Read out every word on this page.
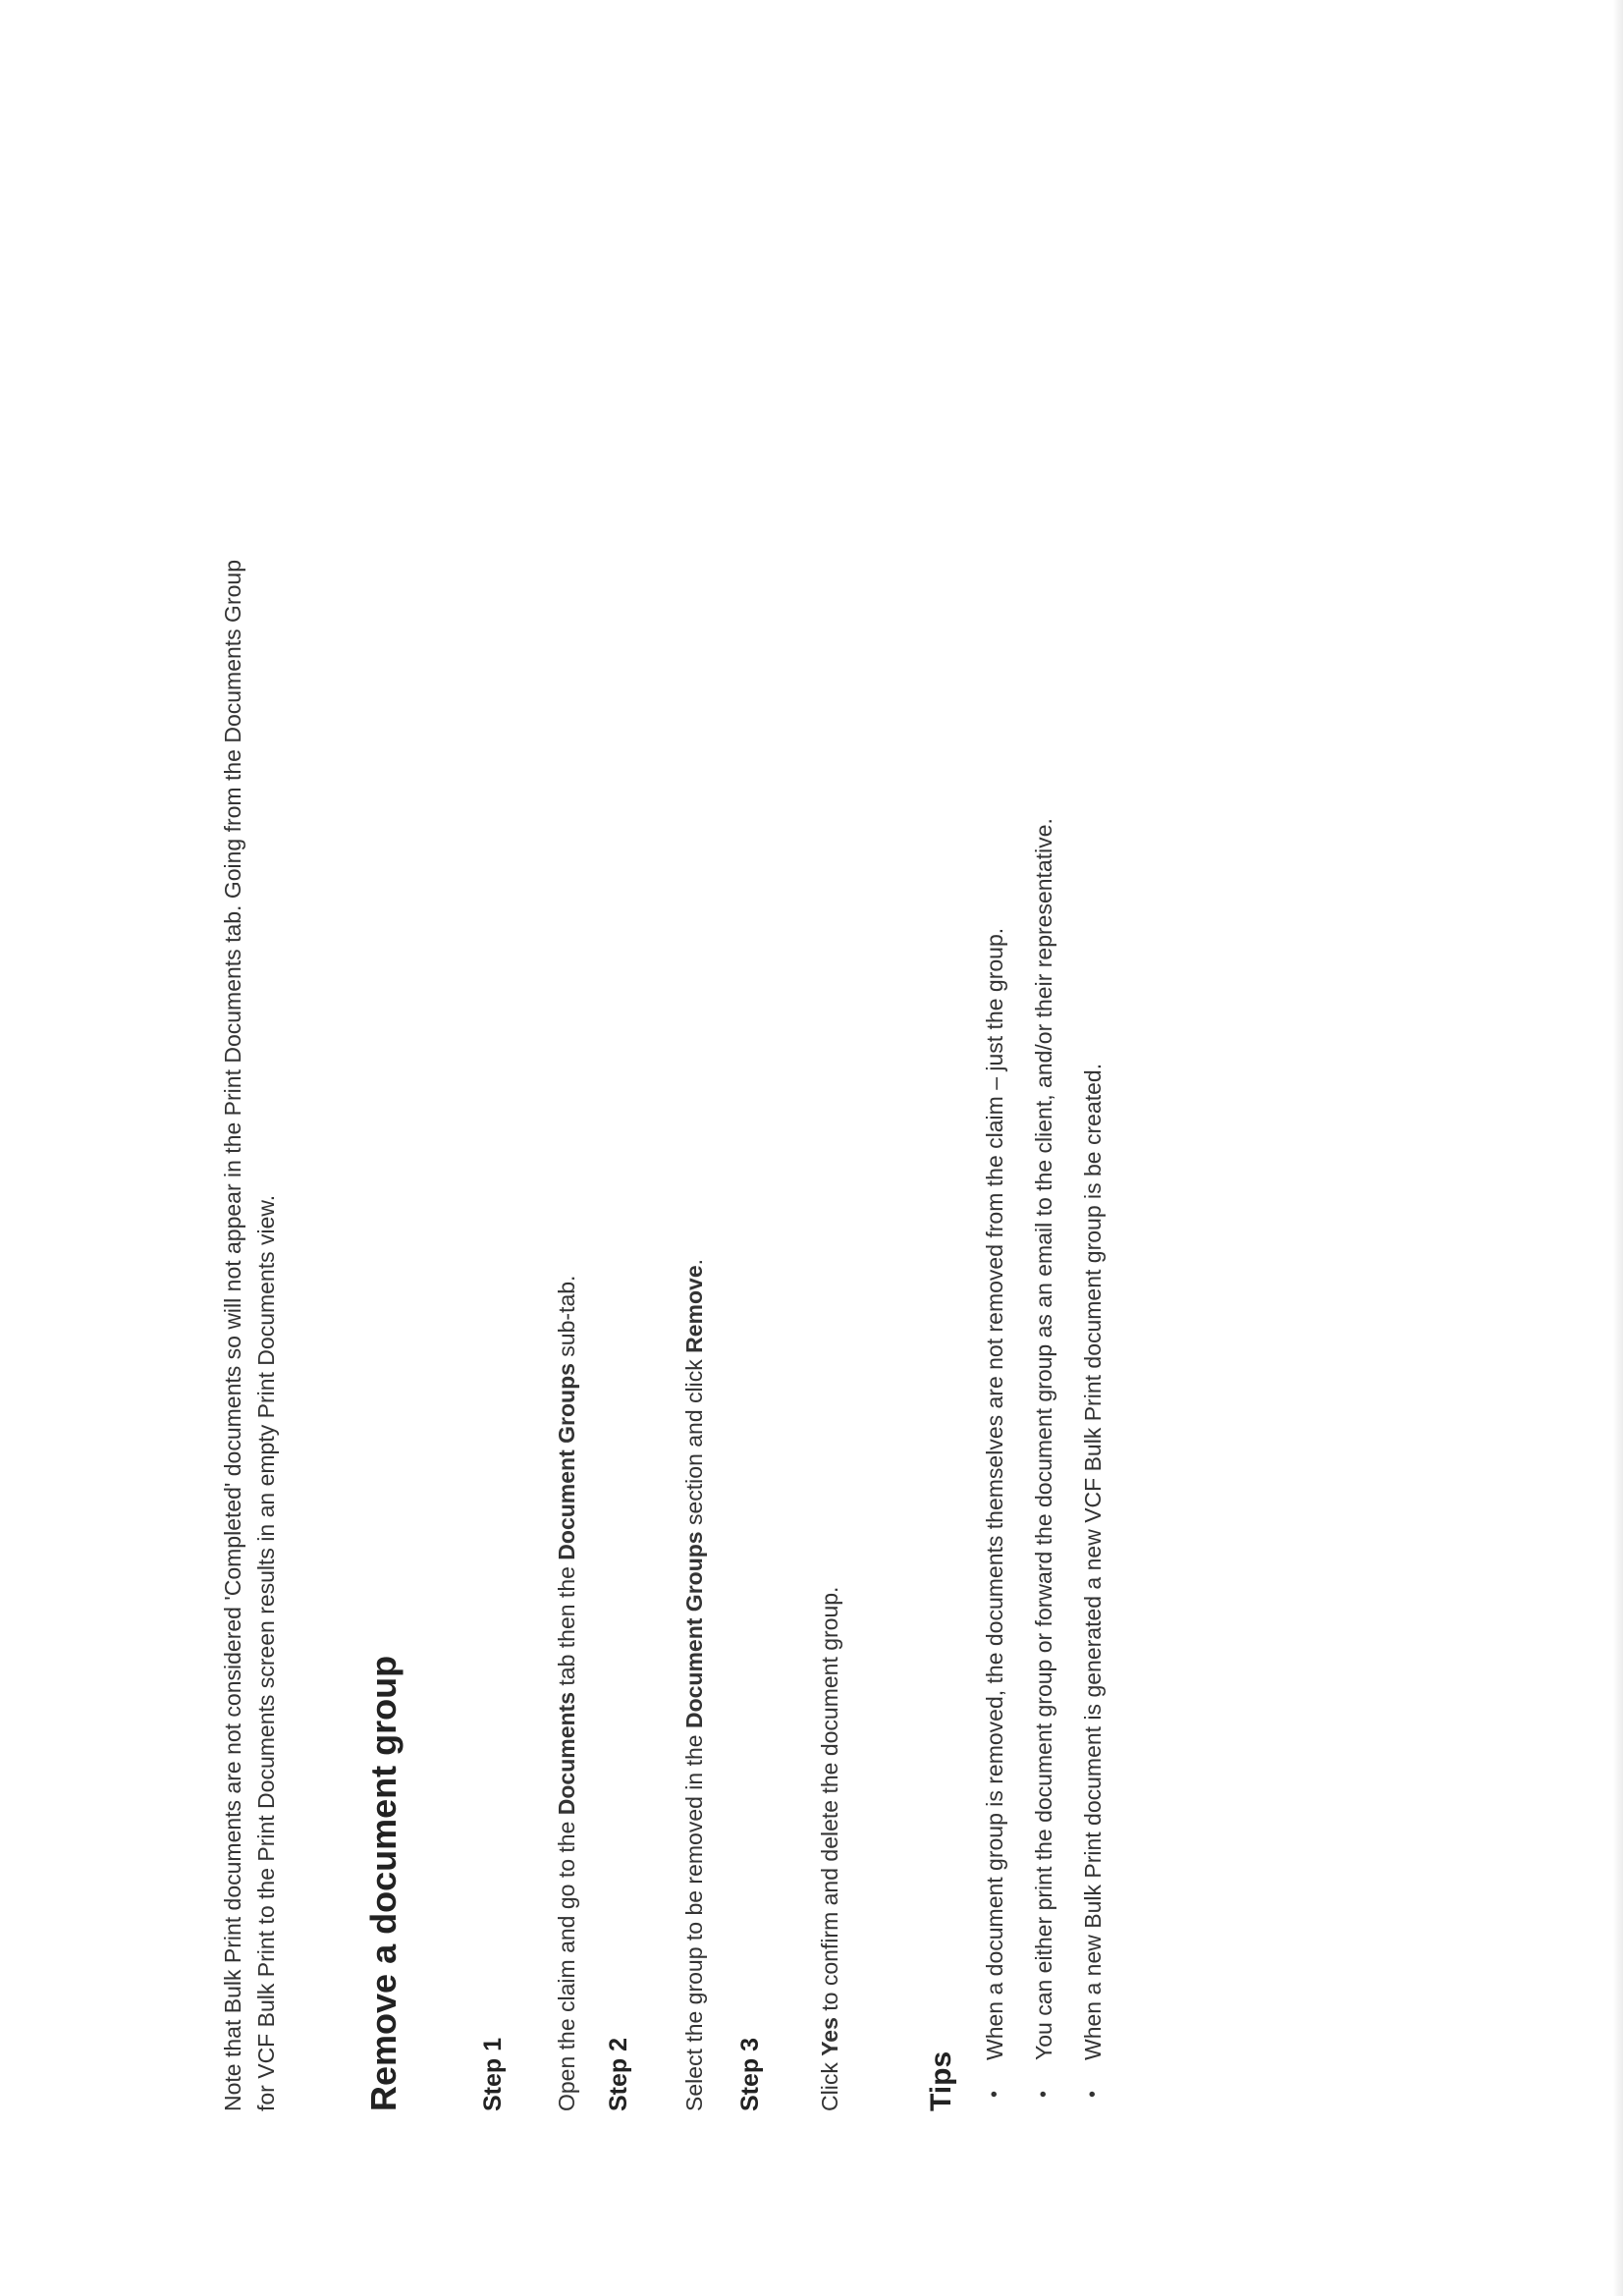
Note that Bulk Print documents are not considered 'Completed' documents so will not appear in the Print Documents tab. Going from the Documents Group for VCF Bulk Print to the Print Documents screen results in an empty Print Documents view. Remove a document group	Step 1 Open the claim and go to the Documents tab then the Document Groups sub-tab.

Step 2 Select the group to be removed in the Document Groups section and click Remove.

Step 3 Click Yes to confirm and delete the document group.

Tips	•
When a document group is removed, the documents themselves are not removed from the claim – just the group.
•
You can either print the document group or forward the document group as an email to the client, and/or their representative.
•
When a new Bulk Print document is generated a new VCF Bulk Print document group is be created.
